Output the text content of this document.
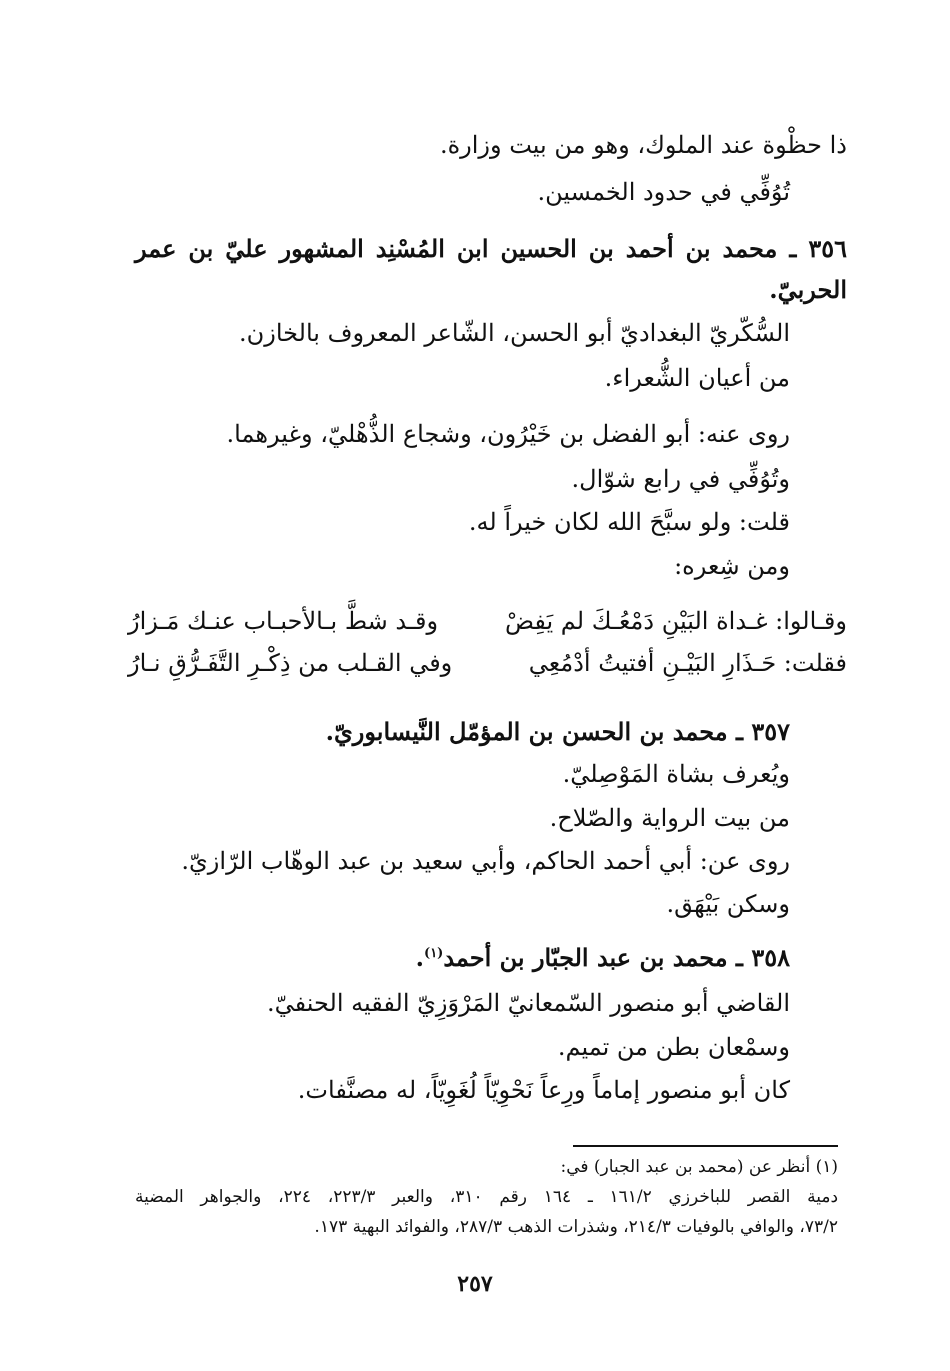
ذا حظْوة عند الملوك، وهو من بيت وزارة.

تُوُفِّي في حدود الخمسين.

٣٥٦ ـ محمد بن أحمد بن الحسين ابن المُسْنِد المشهور عليّ بن عمر

الحربيّ.

السُّكّريّ البغداديّ أبو الحسن، الشّاعر المعروف بالخازن.

من أعيان الشُّعراء.

روى عنه: أبو الفضل بن خَيْرُون، وشجاع الذُّهْليّ، وغيرهما.

وتُوُفِّي في رابع شوّال.

قلت: ولو سبَّحَ الله لكان خيراً له.

ومن شِعره:

وقـالوا: غـداة البَيْنِ دَمْعُـكَ لم يَفِضْ
وقـد شطَّ بـالأحبـاب عنـك مَـزارُ
فقلت: حَـذَارِ البَيْـنِ أفتيتُ أدْمُعِي
وفي القـلب من ذِكْـرِ التَّفَـرُّقِ نـارُ

٣٥٧ ـ محمد بن الحسن بن المؤمّل النَّيسابوريّ.

ويُعرف بشاة المَوْصِليّ.

من بيت الرواية والصّلاح.

روى عن: أبي أحمد الحاكم، وأبي سعيد بن عبد الوهّاب الرّازيّ.

وسكن بَيْهَق.

٣٥٨ ـ محمد بن عبد الجبّار بن أحمد$^{(١)}$.

القاضي أبو منصور السّمعانيّ المَرْوَزِيّ الفقيه الحنفيّ.

وسمْعان بطن من تميم.

كان أبو منصور إماماً ورِعاً نَحْوِيّاً لُغَوِيّاً، له مصنَّفات.

(١) أنظر عن (محمد بن عبد الجبار) في:

دمية القصر للباخرزي ١٦١/٢ ـ ١٦٤ رقم ٣١٠، والعبر ٢٢٣/٣، ٢٢٤، والجواهر المضية

٧٣/٢، والوافي بالوفيات ٢١٤/٣، وشذرات الذهب ٢٨٧/٣، والفوائد البهية ١٧٣.

٢٥٧
